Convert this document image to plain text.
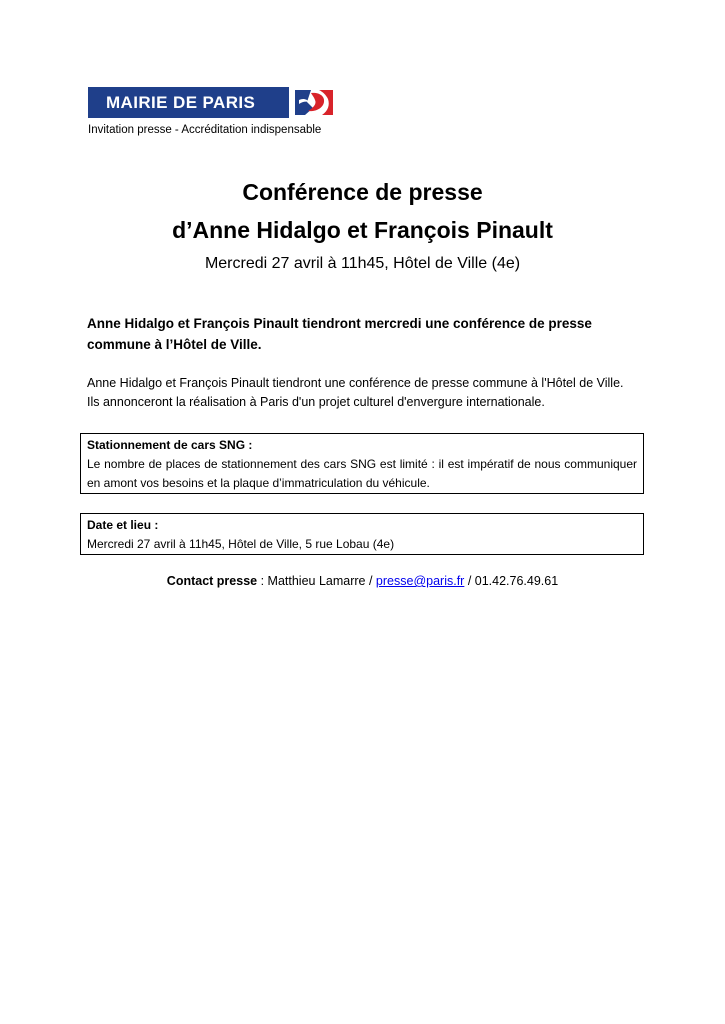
MAIRIE DE PARIS
Invitation presse - Accréditation indispensable
Conférence de presse
d’Anne Hidalgo et François Pinault
Mercredi 27 avril à 11h45, Hôtel de Ville (4e)
Anne Hidalgo et François Pinault tiendront mercredi une conférence de presse commune à l’Hôtel de Ville.
Anne Hidalgo et François Pinault tiendront une conférence de presse commune à l'Hôtel de Ville.
Ils annonceront la réalisation à Paris d'un projet culturel d'envergure internationale.
Stationnement de cars SNG :
Le nombre de places de stationnement des cars SNG est limité : il est impératif de nous communiquer en amont vos besoins et la plaque d’immatriculation du véhicule.
Date et lieu :
Mercredi 27 avril à 11h45, Hôtel de Ville, 5 rue Lobau (4e)
Contact presse : Matthieu Lamarre / presse@paris.fr / 01.42.76.49.61
